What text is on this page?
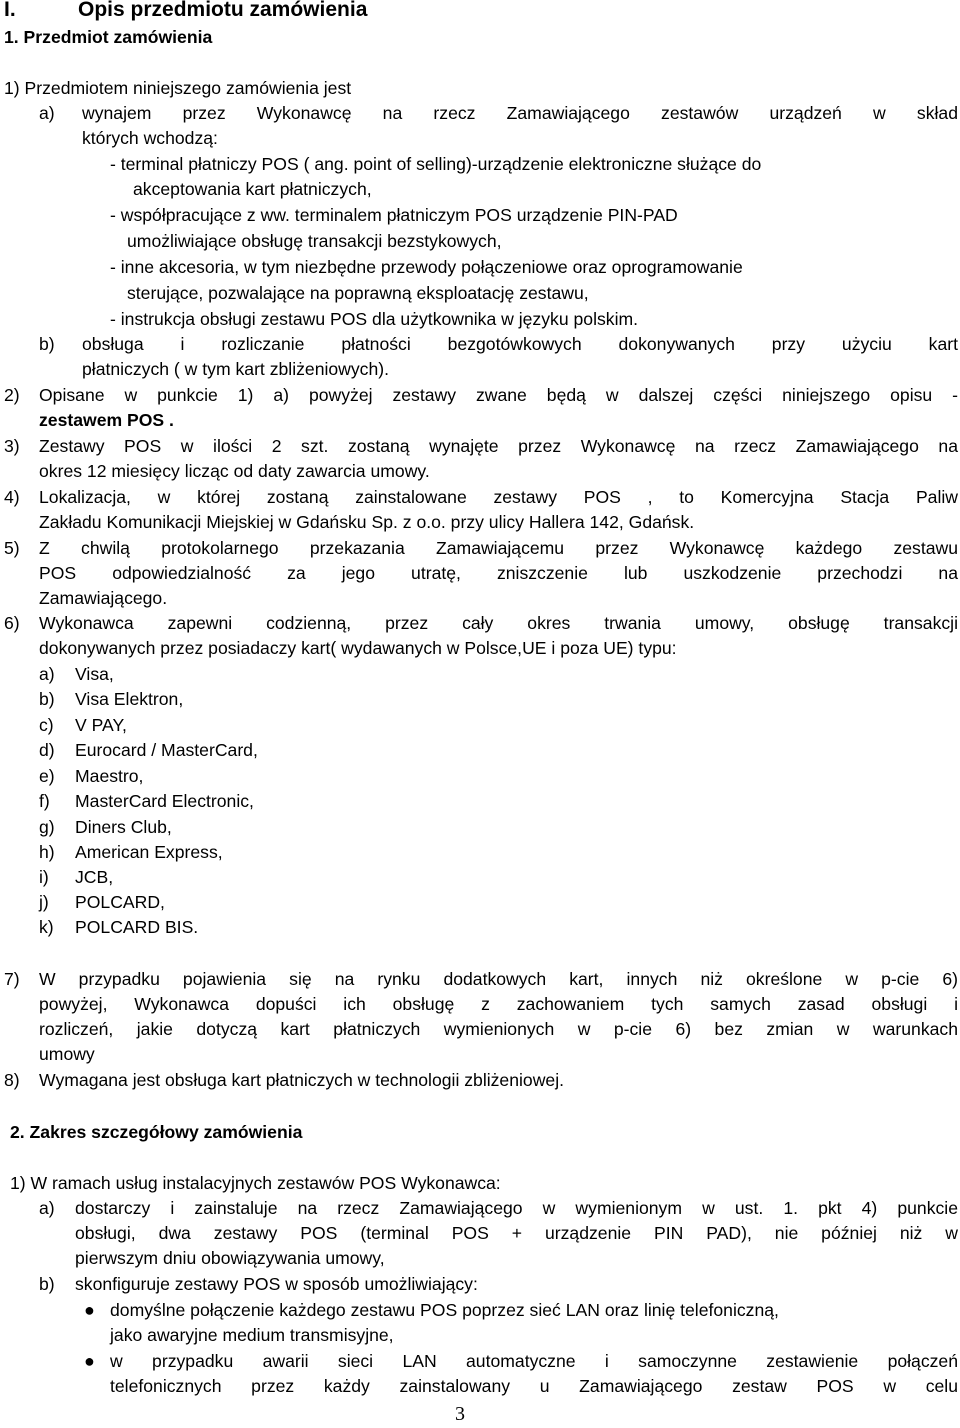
I.	Opis przedmiotu zamówienia
1. Przedmiot zamówienia
1) Przedmiotem niniejszego zamówienia jest
a) wynajem przez Wykonawcę na rzecz Zamawiającego zestawów urządzeń w skład
których wchodzą:
- terminal płatniczy POS ( ang. point of selling)-urządzenie elektroniczne służące do
akceptowania kart płatniczych,
- współpracujące z ww. terminalem płatniczym POS urządzenie PIN-PAD
umożliwiające obsługę transakcji bezstykowych,
- inne akcesoria, w tym niezbędne przewody połączeniowe oraz oprogramowanie
sterujące, pozwalające na poprawną eksploatację zestawu,
- instrukcja obsługi zestawu POS dla użytkownika w języku polskim.
b) obsługa i rozliczanie płatności bezgotówkowych dokonywanych przy użyciu kart
płatniczych ( w tym kart zbliżeniowych).
2) Opisane w punkcie 1) a) powyżej zestawy zwane będą w dalszej części niniejszego opisu -
zestawem POS .
3) Zestawy POS w ilości 2 szt. zostaną wynajęte przez Wykonawcę na rzecz Zamawiającego na
okres 12 miesięcy licząc od daty zawarcia umowy.
4) Lokalizacja, w której zostaną zainstalowane zestawy POS , to Komercyjna Stacja Paliw
Zakładu Komunikacji Miejskiej w Gdańsku Sp. z o.o. przy ulicy Hallera 142, Gdańsk.
5) Z chwilą protokolarnego przekazania Zamawiającemu przez Wykonawcę każdego zestawu
POS odpowiedzialność za jego utratę, zniszczenie lub uszkodzenie przechodzi na
Zamawiającego.
6) Wykonawca zapewni codzienną, przez cały okres trwania umowy, obsługę transakcji
dokonywanych przez posiadaczy kart( wydawanych w Polsce,UE i poza UE) typu:
a) Visa,
b) Visa Elektron,
c) V PAY,
d) Eurocard / MasterCard,
e) Maestro,
f) MasterCard Electronic,
g) Diners Club,
h) American Express,
i) JCB,
j) POLCARD,
k) POLCARD BIS.
7) W przypadku pojawienia się na rynku dodatkowych kart, innych niż określone w p-cie 6)
powyżej, Wykonawca dopuści ich obsługę z zachowaniem tych samych zasad obsługi i
rozliczeń, jakie dotyczą kart płatniczych wymienionych w p-cie 6) bez zmian w warunkach
umowy
8) Wymagana jest obsługa kart płatniczych w technologii zbliżeniowej.
2. Zakres szczegółowy zamówienia
1) W ramach usług instalacyjnych zestawów POS Wykonawca:
a) dostarczy i zainstaluje na rzecz Zamawiającego w wymienionym w ust. 1. pkt 4) punkcie
obsługi, dwa zestawy POS (terminal POS + urządzenie PIN PAD), nie później niż w
pierwszym dniu obowiązywania umowy,
b) skonfiguruje zestawy POS w sposób umożliwiający:
● domyślne połączenie każdego zestawu POS poprzez sieć LAN oraz linię telefoniczną,
jako awaryjne medium transmisyjne,
● w przypadku awarii sieci LAN automatyczne i samoczynne zestawienie połączeń
telefonicznych przez każdy zainstalowany u Zamawiającego zestaw POS w celu
3
